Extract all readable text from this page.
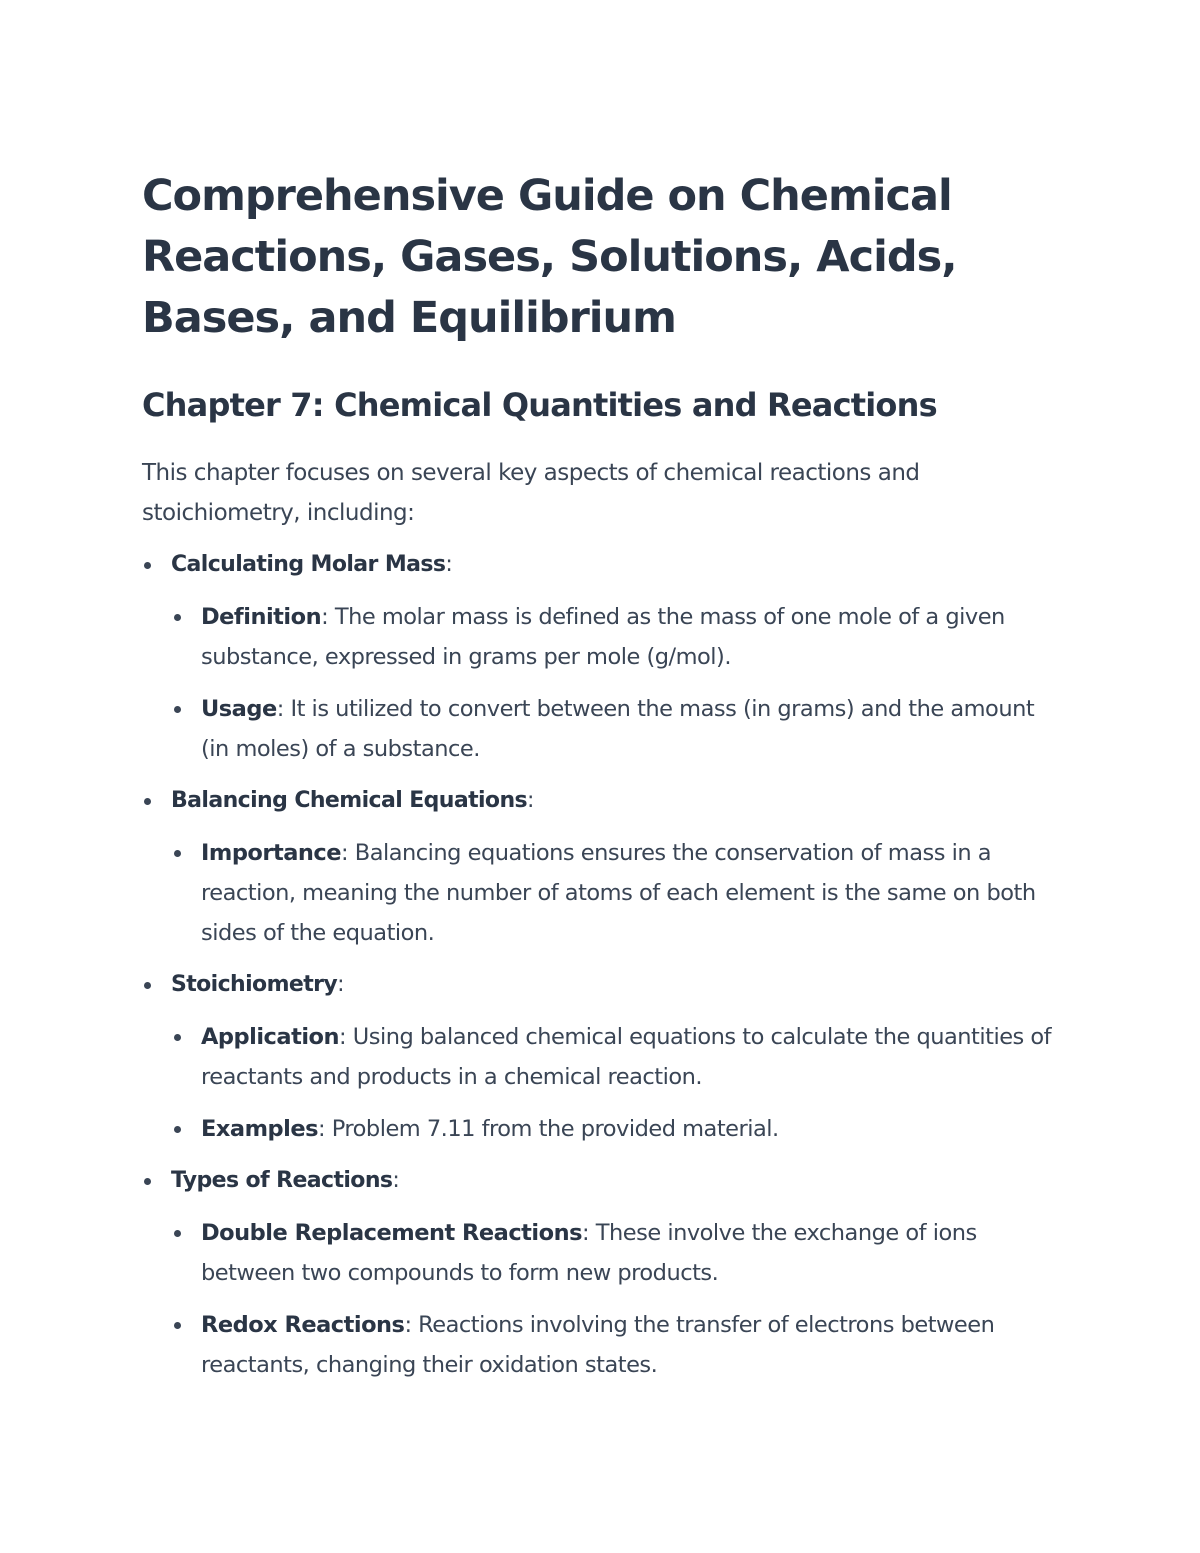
Comprehensive Guide on Chemical Reactions, Gases, Solutions, Acids, Bases, and Equilibrium
Chapter 7: Chemical Quantities and Reactions

This chapter focuses on several key aspects of chemical reactions and stoichiometry, including:

Calculating Molar Mass:
Definition: The molar mass is defined as the mass of one mole of a given substance, expressed in grams per mole (g/mol).
Usage: It is utilized to convert between the mass (in grams) and the amount (in moles) of a substance.
Balancing Chemical Equations:
Importance: Balancing equations ensures the conservation of mass in a reaction, meaning the number of atoms of each element is the same on both sides of the equation.
Stoichiometry:
Application: Using balanced chemical equations to calculate the quantities of reactants and products in a chemical reaction.
Examples: Problem 7.11 from the provided material.
Types of Reactions:
Double Replacement Reactions: These involve the exchange of ions between two compounds to form new products.
Redox Reactions: Reactions involving the transfer of electrons between reactants, changing their oxidation states.
